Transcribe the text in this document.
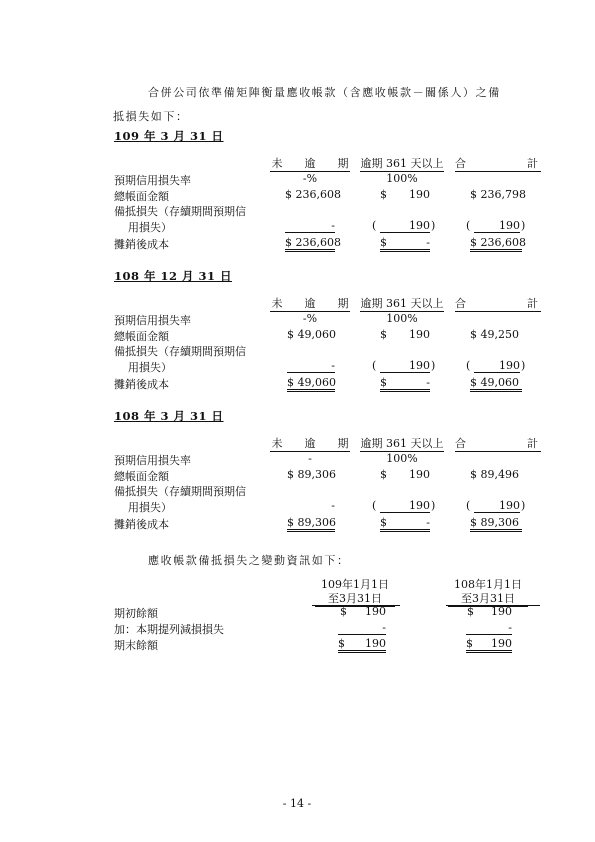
合併公司依準備矩陣衡量應收帳款（含應收帳款－關係人）之備
抵損失如下：
109 年 3 月 31 日
未　　逾　　期 逾期 361 天以上 合　　　　　計
預期信用損失率	-%	100%
總帳面金額	$ 236,608	$	190	$ 236,798
備抵損失（存續期間預期信
用損失）	-	(	190 )	(	190 )
攤銷後成本	$ 236,608	$	-	$ 236,608
108 年 12 月 31 日
未　　逾　　期 逾期 361 天以上 合　　　　　計
預期信用損失率	-%	100%
總帳面金額	$ 49,060	$	190	$ 49,250
備抵損失（存續期間預期信
用損失）	-	(	190 )	(	190 )
攤銷後成本	$ 49,060	$	-	$ 49,060
108 年 3 月 31 日
未　　逾　　期 逾期 361 天以上 合　　　　　計
預期信用損失率	-	100%
總帳面金額	$ 89,306	$	190	$ 89,496
備抵損失（存續期間預期信
用損失）	-	(	190 )	(	190 )
攤銷後成本	$ 89,306	$	-	$ 89,306
應收帳款備抵損失之變動資訊如下：
109年1月1日
至3月31日
108年1月1日
至3月31日
期初餘額	$	190	$	190
加：本期提列減損損失	-	-
期末餘額	$	190	$	190
- 14 -
